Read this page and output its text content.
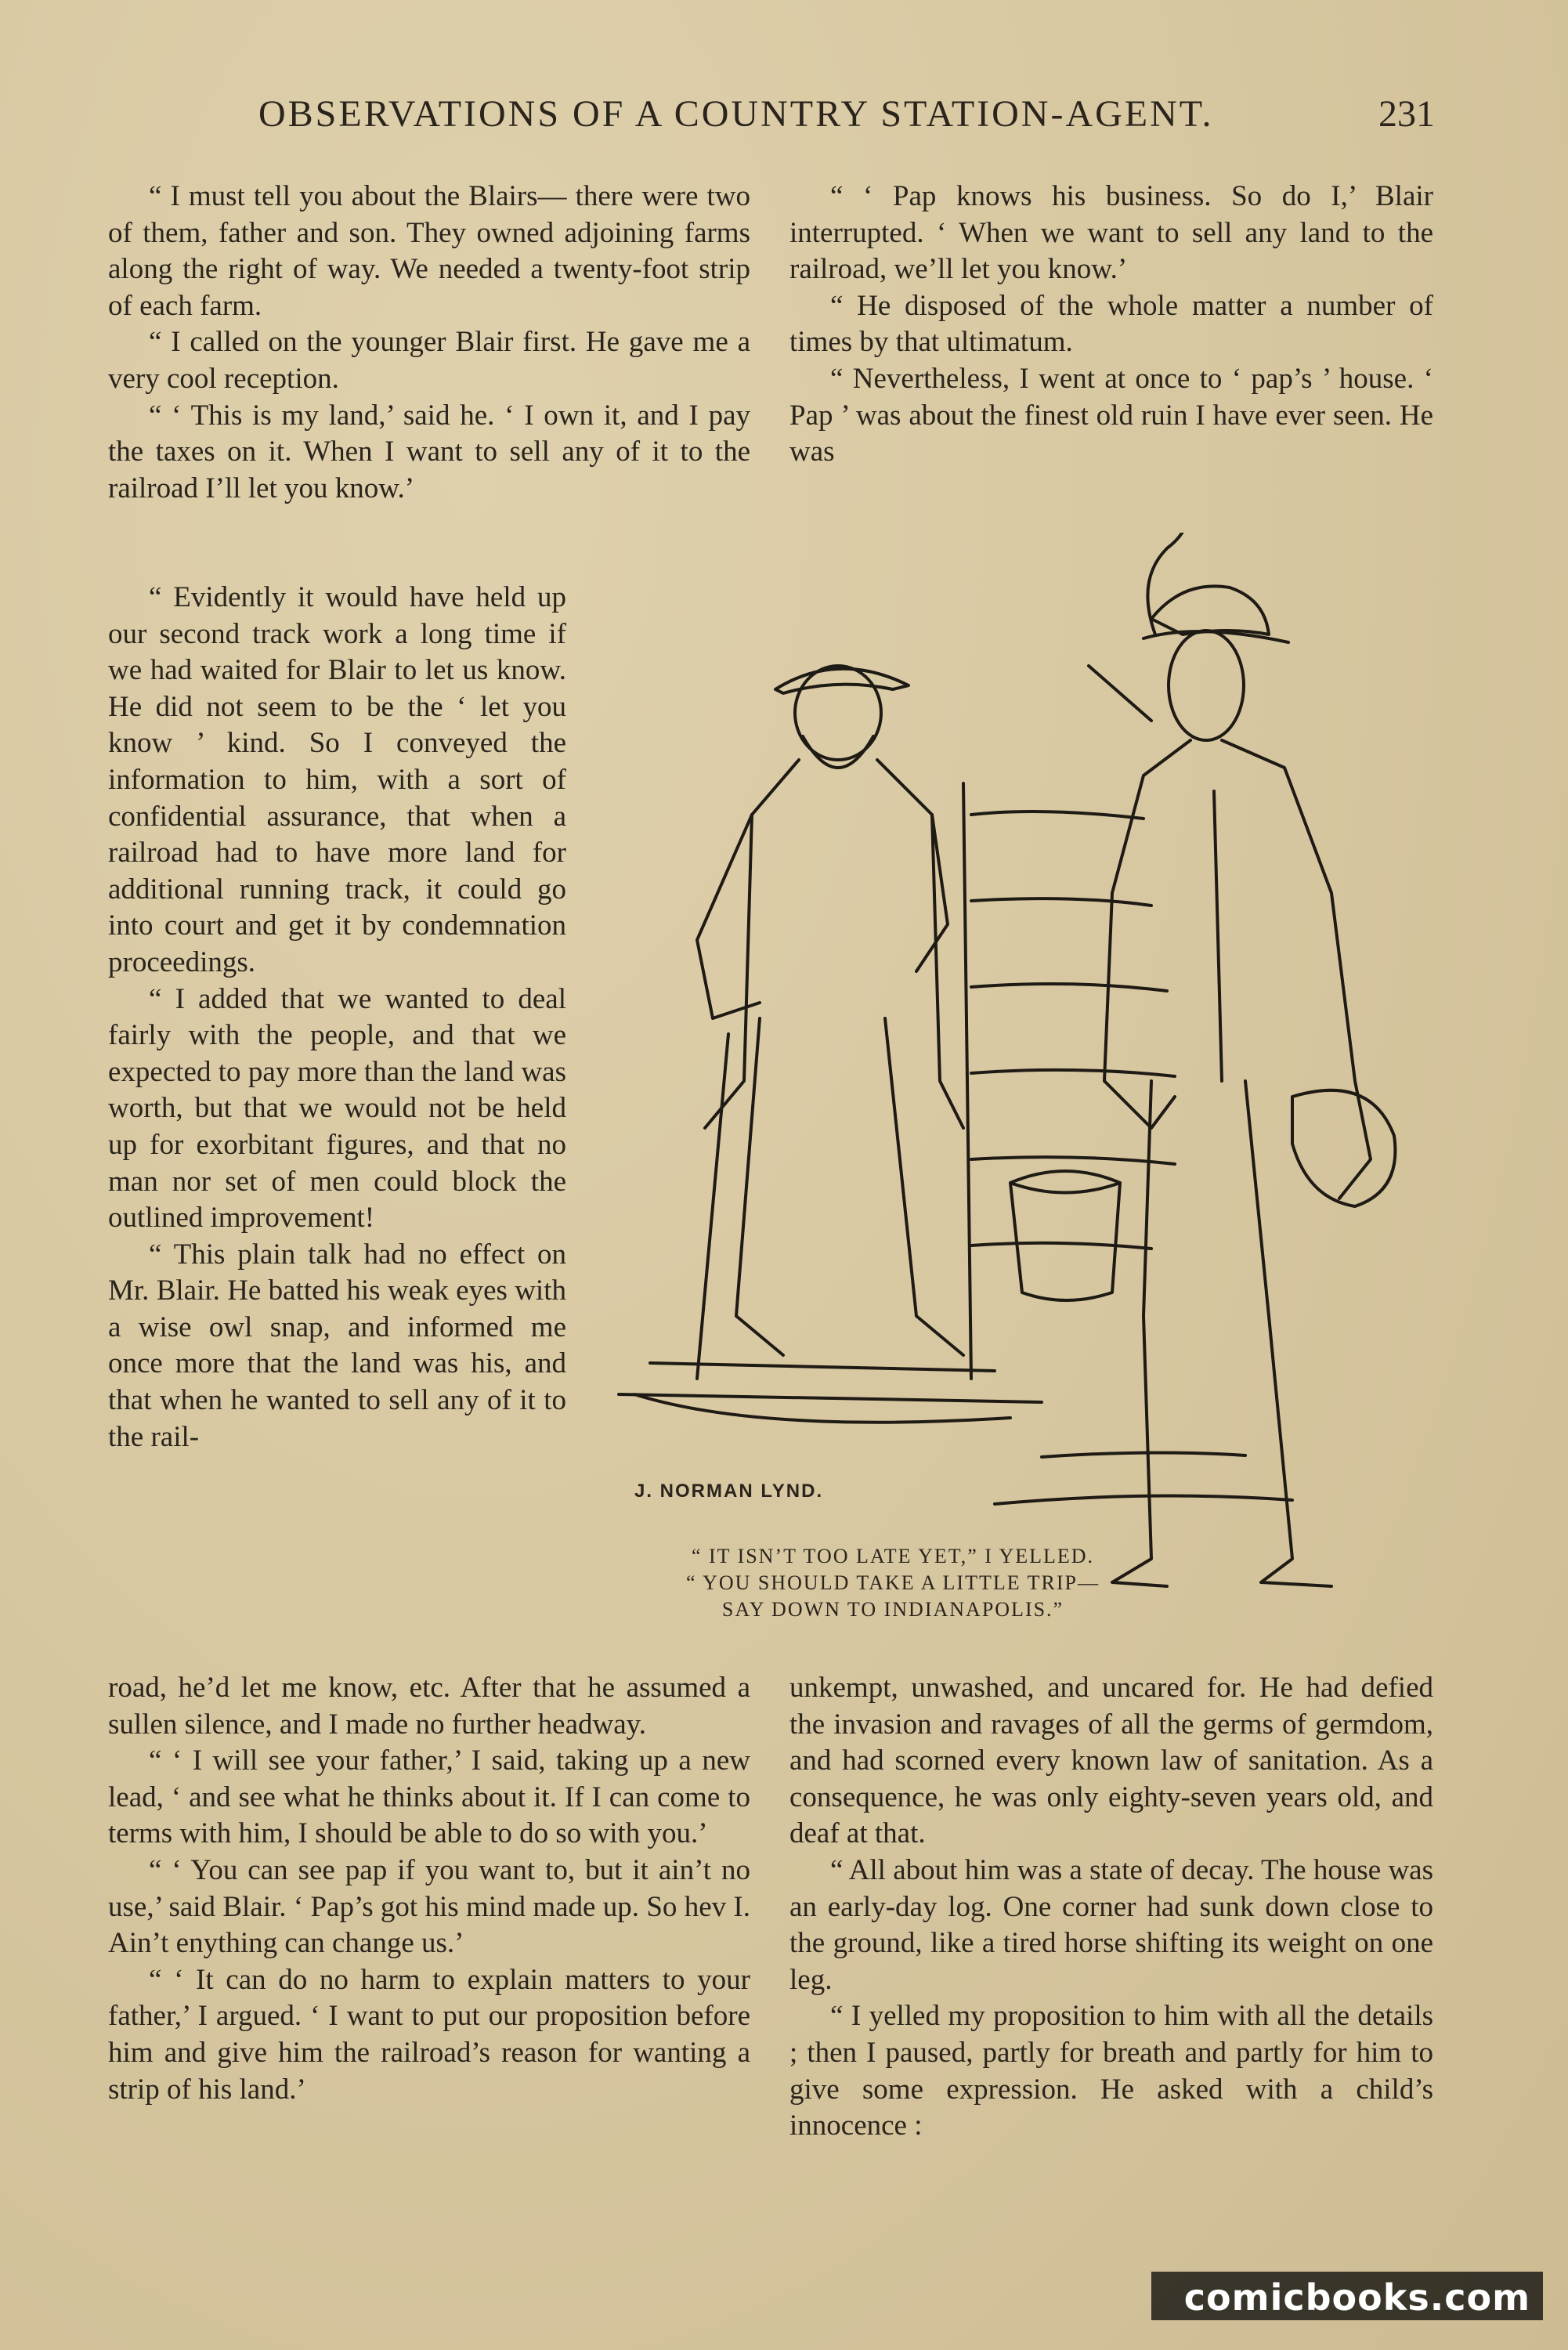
OBSERVATIONS OF A COUNTRY STATION-AGENT.	231

“ I must tell you about the Blairs— there were two of them, father and son. They owned adjoining farms along the right of way. We needed a twenty-foot strip of each farm.

“ I called on the younger Blair first. He gave me a very cool reception.

“ ‘ This is my land,’ said he. ‘ I own it, and I pay the taxes on it. When I want to sell any of it to the railroad I’ll let you know.’

“ Evidently it would have held up our second track work a long time if we had waited for Blair to let us know. He did not seem to be the ‘ let you know ’ kind. So I conveyed the information to him, with a sort of confidential assurance, that when a railroad had to have more land for additional running track, it could go into court and get it by condemnation proceedings.

“ I added that we wanted to deal fairly with the people, and that we expected to pay more than the land was worth, but that we would not be held up for exorbitant figures, and that no man nor set of men could block the outlined improvement!

“ This plain talk had no effect on Mr. Blair. He batted his weak eyes with a wise owl snap, and informed me once more that the land was his, and that when he wanted to sell any of it to the rail-

road, he’d let me know, etc. After that he assumed a sullen silence, and I made no further headway.

“ ‘ I will see your father,’ I said, taking up a new lead, ‘ and see what he thinks about it. If I can come to terms with him, I should be able to do so with you.’

“ ‘ You can see pap if you want to, but it ain’t no use,’ said Blair. ‘ Pap’s got his mind made up. So hev I. Ain’t enything can change us.’

“ ‘ It can do no harm to explain matters to your father,’ I argued. ‘ I want to put our proposition before him and give him the railroad’s reason for wanting a strip of his land.’

“ ‘ Pap knows his business. So do I,’ Blair interrupted. ‘ When we want to sell any land to the railroad, we’ll let you know.’

“ He disposed of the whole matter a number of times by that ultimatum.

“ Nevertheless, I went at once to ‘ pap’s ’ house. ‘ Pap ’ was about the finest old ruin I have ever seen. He was

unkempt, unwashed, and uncared for. He had defied the invasion and ravages of all the germs of germdom, and had scorned every known law of sanitation. As a consequence, he was only eighty-seven years old, and deaf at that.

“ All about him was a state of decay. The house was an early-day log. One corner had sunk down close to the ground, like a tired horse shifting its weight on one leg.

“ I yelled my proposition to him with all the details ; then I paused, partly for breath and partly for him to give some expression. He asked with a child’s innocence :

J. NORMAN LYND.
“ IT ISN’T TOO LATE YET,” I YELLED.
“ YOU SHOULD TAKE A LITTLE TRIP—
SAY DOWN TO INDIANAPOLIS.”
comicbooks.com
